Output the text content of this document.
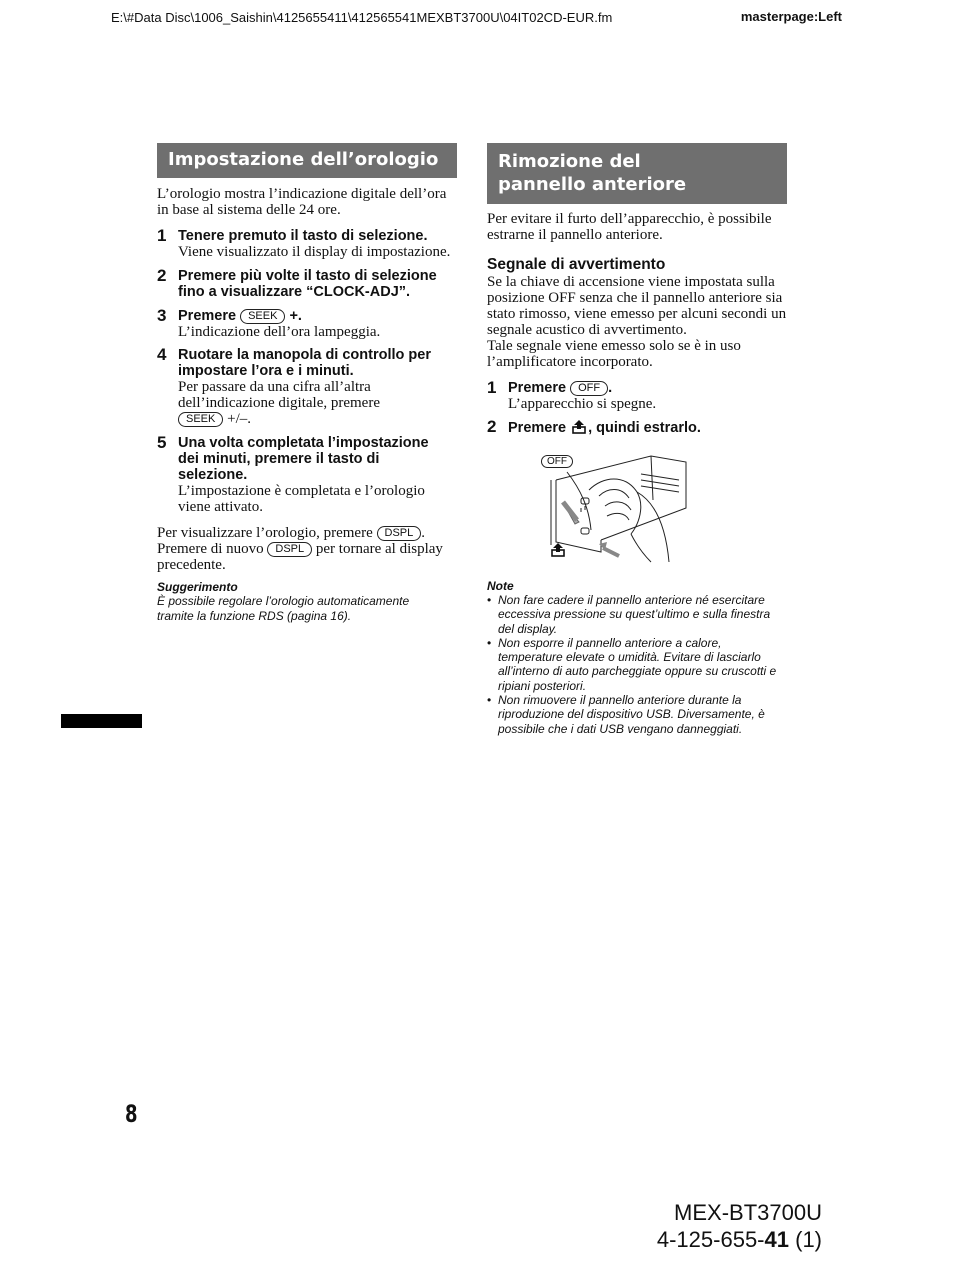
E:\#Data Disc\1006_Saishin\4125655411\412565541MEXBT3700U\04IT02CD-EUR.fm	masterpage:Left
Impostazione dell’orologio

L’orologio mostra l’indicazione digitale dell’ora in base al sistema delle 24 ore.

1 Tenere premuto il tasto di selezione.
Viene visualizzato il display di impostazione.
2 Premere più volte il tasto di selezione fino a visualizzare “CLOCK-ADJ”.
3 Premere SEEK +.
L’indicazione dell’ora lampeggia.
4 Ruotare la manopola di controllo per impostare l’ora e i minuti.
Per passare da una cifra all’altra dell’indicazione digitale, premere SEEK +/–.
5 Una volta completata l’impostazione dei minuti, premere il tasto di selezione.
L’impostazione è completata e l’orologio viene attivato.

Per visualizzare l’orologio, premere DSPL . Premere di nuovo DSPL per tornare al display precedente.

Suggerimento

È possibile regolare l’orologio automaticamente tramite la funzione RDS (pagina 16).

Rimozione del pannello anteriore

Per evitare il furto dell’apparecchio, è possibile estrarne il pannello anteriore.

Segnale di avvertimento

Se la chiave di accensione viene impostata sulla posizione OFF senza che il pannello anteriore sia stato rimosso, viene emesso per alcuni secondi un segnale acustico di avvertimento.

Tale segnale viene emesso solo se è in uso l’amplificatore incorporato.

1 Premere OFF .
L’apparecchio si spegne.
2 Premere , quindi estrarlo.
OFF

Note

• Non fare cadere il pannello anteriore né esercitare eccessiva pressione su quest’ultimo e sulla finestra del display.
• Non esporre il pannello anteriore a calore, temperature elevate o umidità. Evitare di lasciarlo all’interno di auto parcheggiate oppure su cruscotti e ripiani posteriori.
• Non rimuovere il pannello anteriore durante la riproduzione del dispositivo USB. Diversamente, è possibile che i dati USB vengano danneggiati.
8
MEX-BT3700U
4-125-655-41 (1)
